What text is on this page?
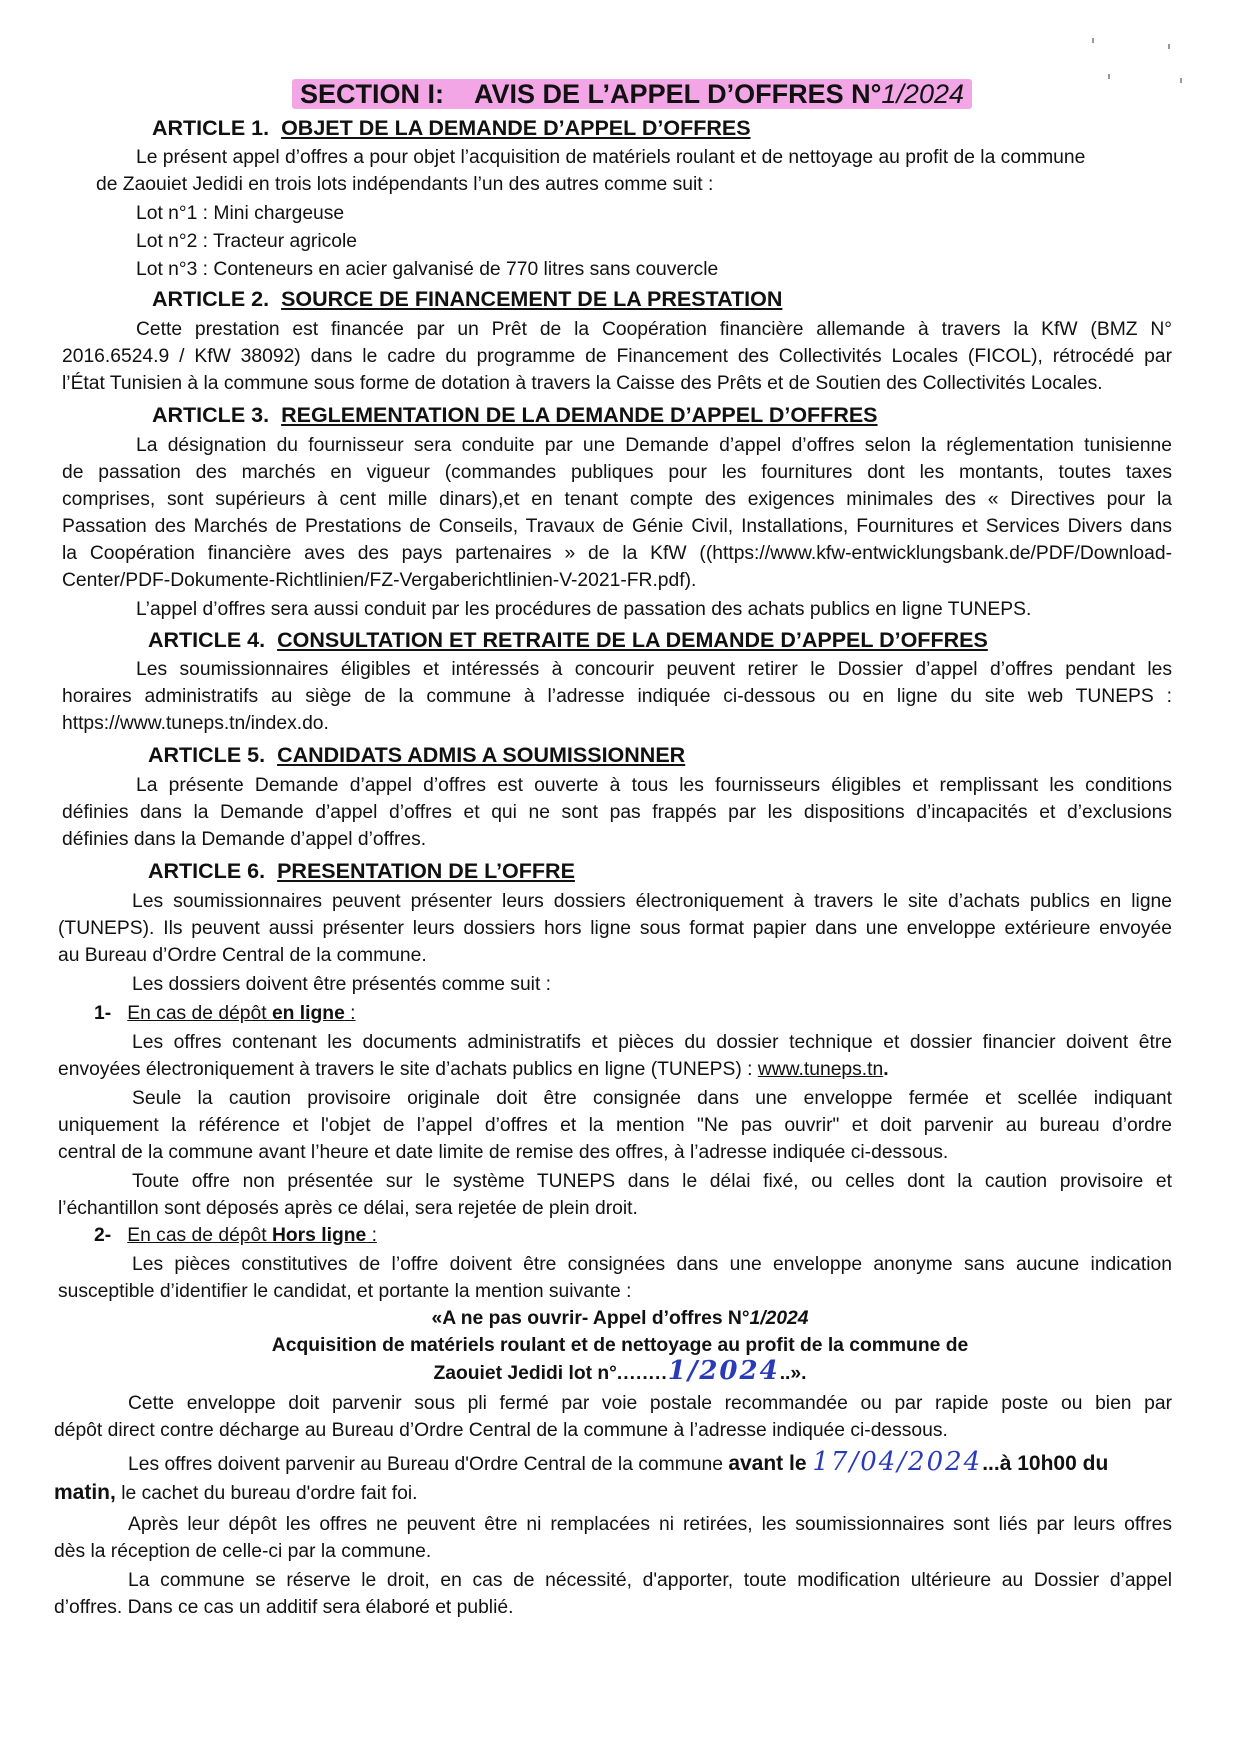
SECTION I: AVIS DE L’APPEL D’OFFRES N°1/2024
ARTICLE 1. OBJET DE LA DEMANDE D’APPEL D’OFFRES
Le présent appel d’offres a pour objet l’acquisition de matériels roulant et de nettoyage au profit de la commune
de Zaouiet Jedidi en trois lots indépendants l’un des autres comme suit :
Lot n°1 : Mini chargeuse
Lot n°2 : Tracteur agricole
Lot n°3 : Conteneurs en acier galvanisé de 770 litres sans couvercle
ARTICLE 2. SOURCE DE FINANCEMENT DE LA PRESTATION
Cette prestation est financée par un Prêt de la Coopération financière allemande à travers la KfW (BMZ N°
2016.6524.9 / KfW 38092) dans le cadre du programme de Financement des Collectivités Locales (FICOL), rétrocédé par
l’État Tunisien à la commune sous forme de dotation à travers la Caisse des Prêts et de Soutien des Collectivités Locales.
ARTICLE 3. REGLEMENTATION DE LA DEMANDE D’APPEL D’OFFRES
La désignation du fournisseur sera conduite par une Demande d’appel d’offres selon la réglementation tunisienne
de passation des marchés en vigueur (commandes publiques pour les fournitures dont les montants, toutes taxes
comprises, sont supérieurs à cent mille dinars),et en tenant compte des exigences minimales des « Directives pour la
Passation des Marchés de Prestations de Conseils, Travaux de Génie Civil, Installations, Fournitures et Services Divers dans
la Coopération financière aves des pays partenaires » de la KfW ((https://www.kfw-entwicklungsbank.de/PDF/Download-
Center/PDF-Dokumente-Richtlinien/FZ-Vergaberichtlinien-V-2021-FR.pdf).
L’appel d’offres sera aussi conduit par les procédures de passation des achats publics en ligne TUNEPS.
ARTICLE 4. CONSULTATION ET RETRAITE DE LA DEMANDE D’APPEL D’OFFRES
Les soumissionnaires éligibles et intéressés à concourir peuvent retirer le Dossier d’appel d’offres pendant les
horaires administratifs au siège de la commune à l’adresse indiquée ci-dessous ou en ligne du site web TUNEPS :
https://www.tuneps.tn/index.do.
ARTICLE 5. CANDIDATS ADMIS A SOUMISSIONNER
La présente Demande d’appel d’offres est ouverte à tous les fournisseurs éligibles et remplissant les conditions
définies dans la Demande d’appel d’offres et qui ne sont pas frappés par les dispositions d’incapacités et d’exclusions
définies dans la Demande d’appel d’offres.
ARTICLE 6. PRESENTATION DE L’OFFRE
Les soumissionnaires peuvent présenter leurs dossiers électroniquement à travers le site d’achats publics en ligne
(TUNEPS). Ils peuvent aussi présenter leurs dossiers hors ligne sous format papier dans une enveloppe extérieure envoyée
au Bureau d’Ordre Central de la commune.
Les dossiers doivent être présentés comme suit :
1- En cas de dépôt en ligne :
Les offres contenant les documents administratifs et pièces du dossier technique et dossier financier doivent être
envoyées électroniquement à travers le site d’achats publics en ligne (TUNEPS) : www.tuneps.tn.
Seule la caution provisoire originale doit être consignée dans une enveloppe fermée et scellée indiquant
uniquement la référence et l'objet de l’appel d’offres et la mention "Ne pas ouvrir" et doit parvenir au bureau d’ordre
central de la commune avant l’heure et date limite de remise des offres, à l’adresse indiquée ci-dessous.
Toute offre non présentée sur le système TUNEPS dans le délai fixé, ou celles dont la caution provisoire et
l’échantillon sont déposés après ce délai, sera rejetée de plein droit.
2- En cas de dépôt Hors ligne :
Les pièces constitutives de l’offre doivent être consignées dans une enveloppe anonyme sans aucune indication
susceptible d’identifier le candidat, et portante la mention suivante :
«A ne pas ouvrir- Appel d’offres N°1/2024
Acquisition de matériels roulant et de nettoyage au profit de la commune de
Zaouiet Jedidi lot n°........1/2024..».
Cette enveloppe doit parvenir sous pli fermé par voie postale recommandée ou par rapide poste ou bien par
dépôt direct contre décharge au Bureau d’Ordre Central de la commune à l’adresse indiquée ci-dessous.
Les offres doivent parvenir au Bureau d'Ordre Central de la commune avant le 17/04/2024...à 10h00 du
matin, le cachet du bureau d'ordre fait foi.
Après leur dépôt les offres ne peuvent être ni remplacées ni retirées, les soumissionnaires sont liés par leurs offres
dès la réception de celle-ci par la commune.
La commune se réserve le droit, en cas de nécessité, d'apporter, toute modification ultérieure au Dossier d’appel
d’offres. Dans ce cas un additif sera élaboré et publié.
